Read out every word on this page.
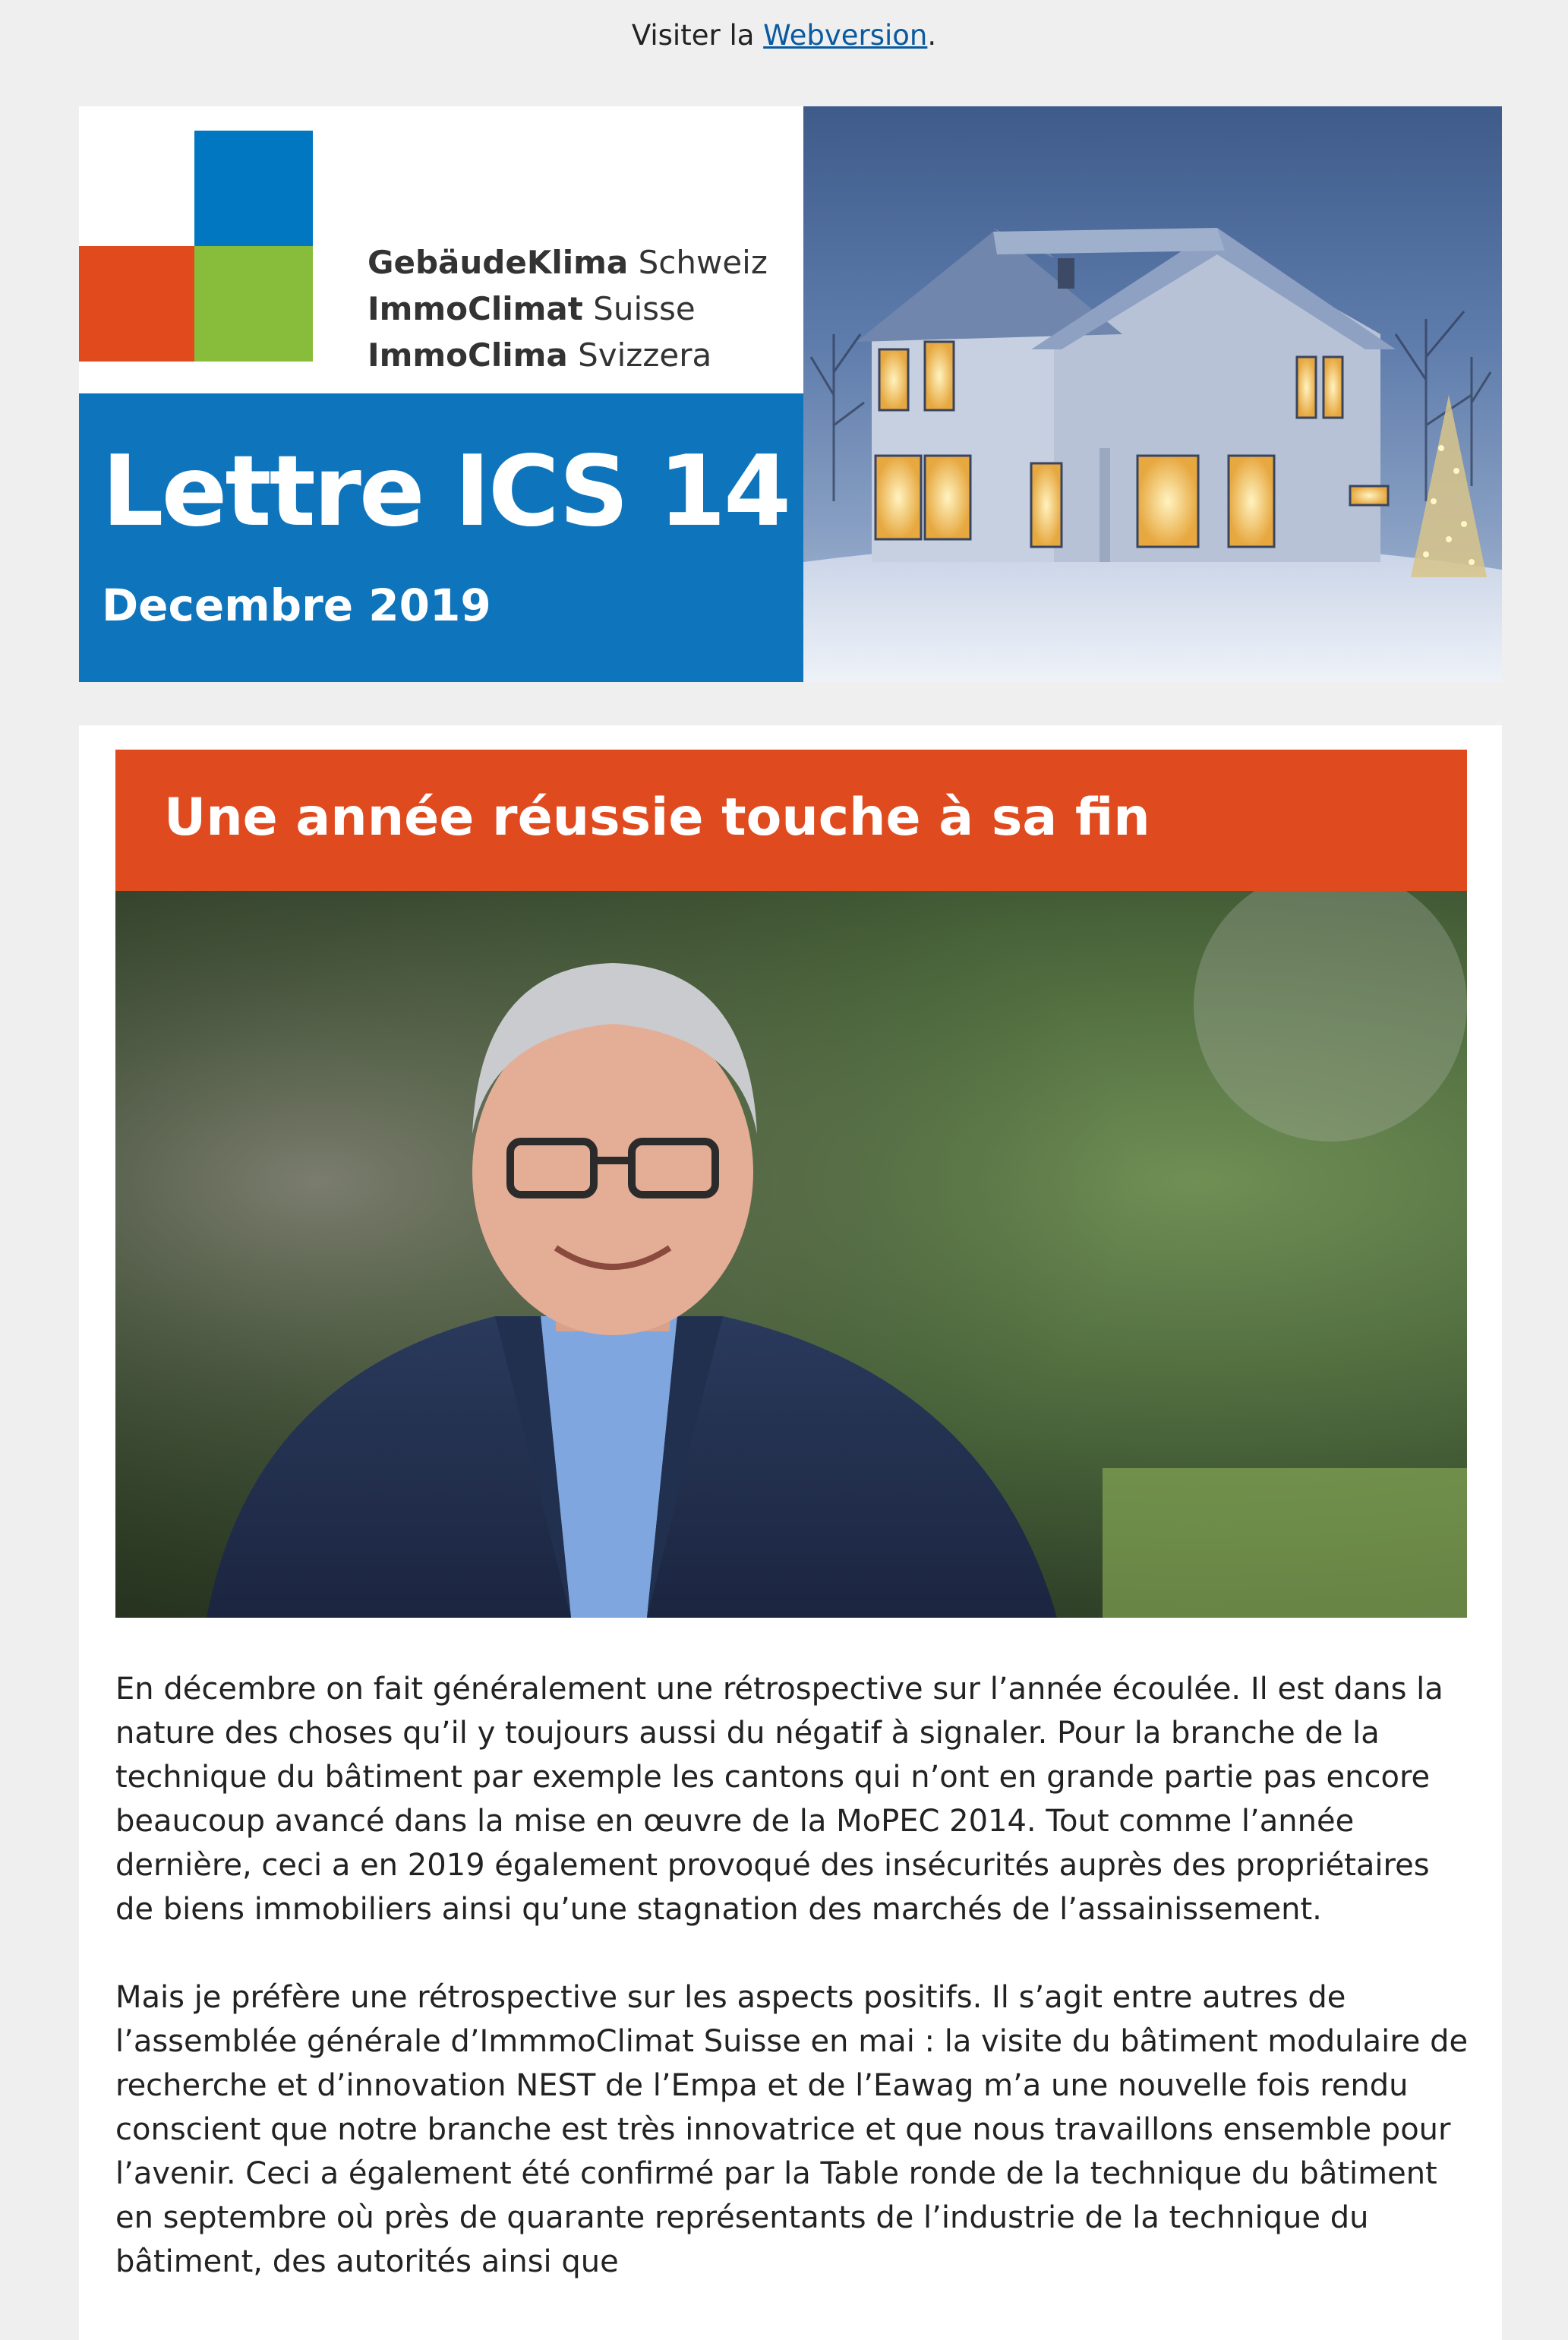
Visiter la Webversion.
GebäudeKlima Schweiz
ImmoClimat Suisse
ImmoClima Svizzera
Lettre ICS 14
Decembre 2019
Une année réussie touche à sa fin

En décembre on fait généralement une rétrospective sur l’année écoulée. Il est dans la nature des choses qu’il y toujours aussi du négatif à signaler. Pour la branche de la technique du bâtiment par exemple les cantons qui n’ont en grande partie pas encore beaucoup avancé dans la mise en œuvre de la MoPEC 2014. Tout comme l’année dernière, ceci a en 2019 également provoqué des insécurités auprès des propriétaires de biens immobiliers ainsi qu’une stagnation des marchés de l’assainissement.

Mais je préfère une rétrospective sur les aspects positifs. Il s’agit entre autres de l’assemblée générale d’ImmmoClimat Suisse en mai : la visite du bâtiment modulaire de recherche et d’innovation NEST de l’Empa et de l’Eawag m’a une nouvelle fois rendu conscient que notre branche est très innovatrice et que nous travaillons ensemble pour l’avenir. Ceci a également été confirmé par la Table ronde de la technique du bâtiment en septembre où près de quarante représentants de l’industrie de la technique du bâtiment, des autorités ainsi que
